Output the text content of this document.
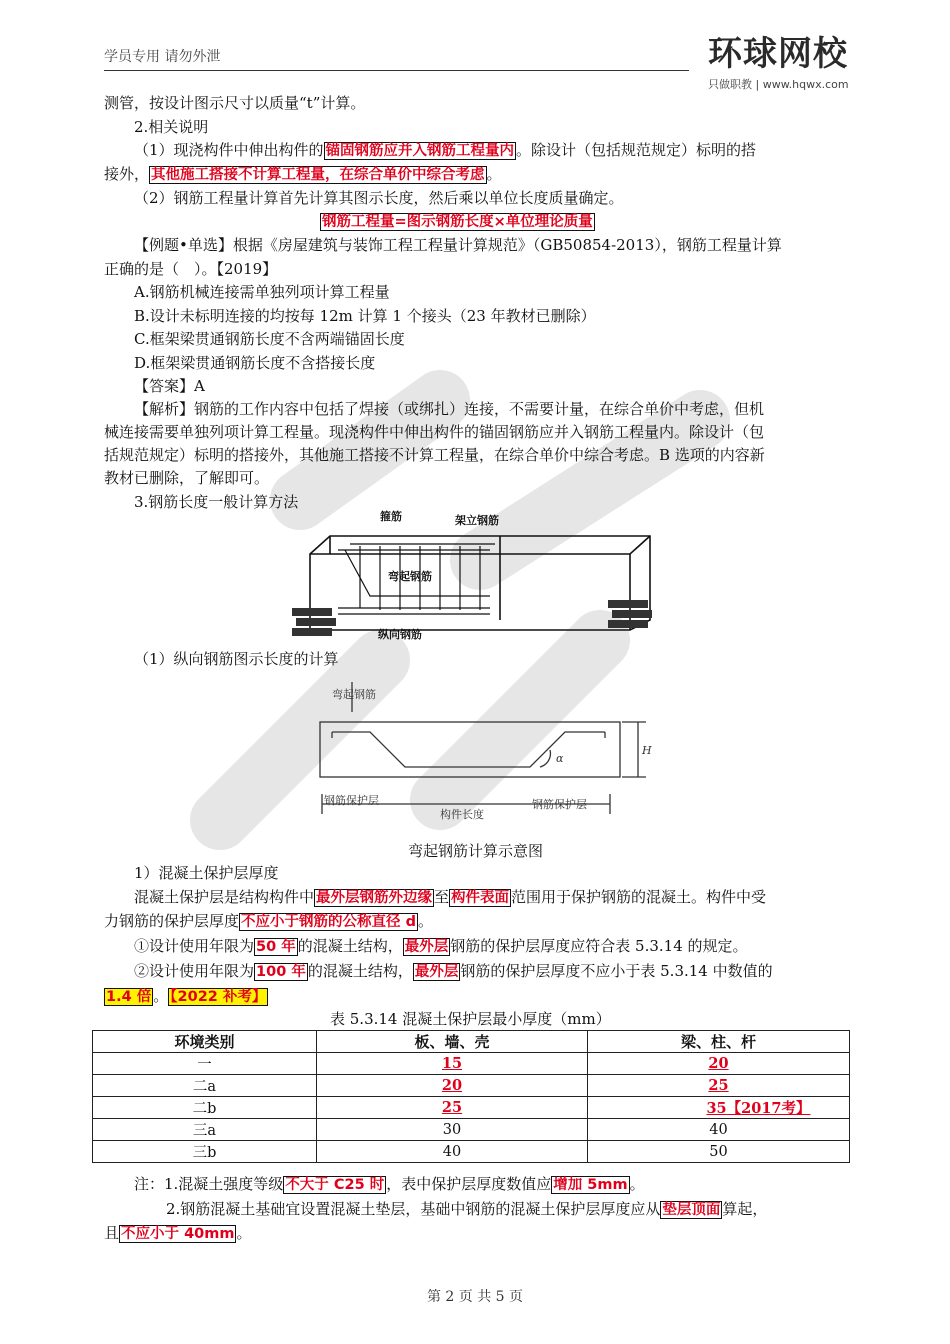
学员专用 请勿外泄	环球网校
只做职教 | www.hqwx.com
测管，按设计图示尺寸以质量“t”计算。
2.相关说明
（1）现浇构件中伸出构件的 锚固钢筋应并入钢筋工程量内 。除设计（包括规范规定）标明的搭
接外， 其他施工搭接不计算工程量，在综合单价中综合考虑 。
（2）钢筋工程量计算首先计算其图示长度，然后乘以单位长度质量确定。
钢筋工程量=图示钢筋长度×单位理论质量
【例题•单选】根据《房屋建筑与装饰工程工程量计算规范》（GB50854-2013），钢筋工程量计算
正确的是（　）。【2019】
A.钢筋机械连接需单独列项计算工程量
B.设计未标明连接的均按每 12m 计算 1 个接头（23 年教材已删除）
C.框架梁贯通钢筋长度不含两端锚固长度
D.框架梁贯通钢筋长度不含搭接长度
【答案】A
【解析】钢筋的工作内容中包括了焊接（或绑扎）连接，不需要计量，在综合单价中考虑，但机
械连接需要单独列项计算工程量。现浇构件中伸出构件的锚固钢筋应并入钢筋工程量内。除设计（包
括规范规定）标明的搭接外，其他施工搭接不计算工程量，在综合单价中综合考虑。B 选项的内容新
教材已删除，了解即可。
3.钢筋长度一般计算方法
箍筋	架立钢筋
弯起钢筋
纵向钢筋
（1）纵向钢筋图示长度的计算
弯起钢筋
H
α
钢筋保护层
构件长度
钢筋保护层
弯起钢筋计算示意图
1）混凝土保护层厚度
混凝土保护层是结构构件中 最外层钢筋外边缘 至 构件表面 范围用于保护钢筋的混凝土。构件中受
力钢筋的保护层厚度 不应小于钢筋的公称直径 d 。
①设计使用年限为 50 年 的混凝土结构， 最外层 钢筋的保护层厚度应符合表 5.3.14 的规定。
②设计使用年限为 100 年 的混凝土结构， 最外层 钢筋的保护层厚度不应小于表 5.3.14 中数值的
1.4 倍 。 【2022 补考】
表 5.3.14 混凝土保护层最小厚度（mm）
环境类别	板、墙、壳	梁、柱、杆
一	15	20
二a	20	25
二b	25	35【2017考】
三a	30	40
三b	40	50
注：1.混凝土强度等级 不大于 C25 时 ，表中保护层厚度数值应 增加 5mm 。
2.钢筋混凝土基础宜设置混凝土垫层，基础中钢筋的混凝土保护层厚度应从 垫层顶面 算起，
且 不应小于 40mm 。
第 2 页 共 5 页
